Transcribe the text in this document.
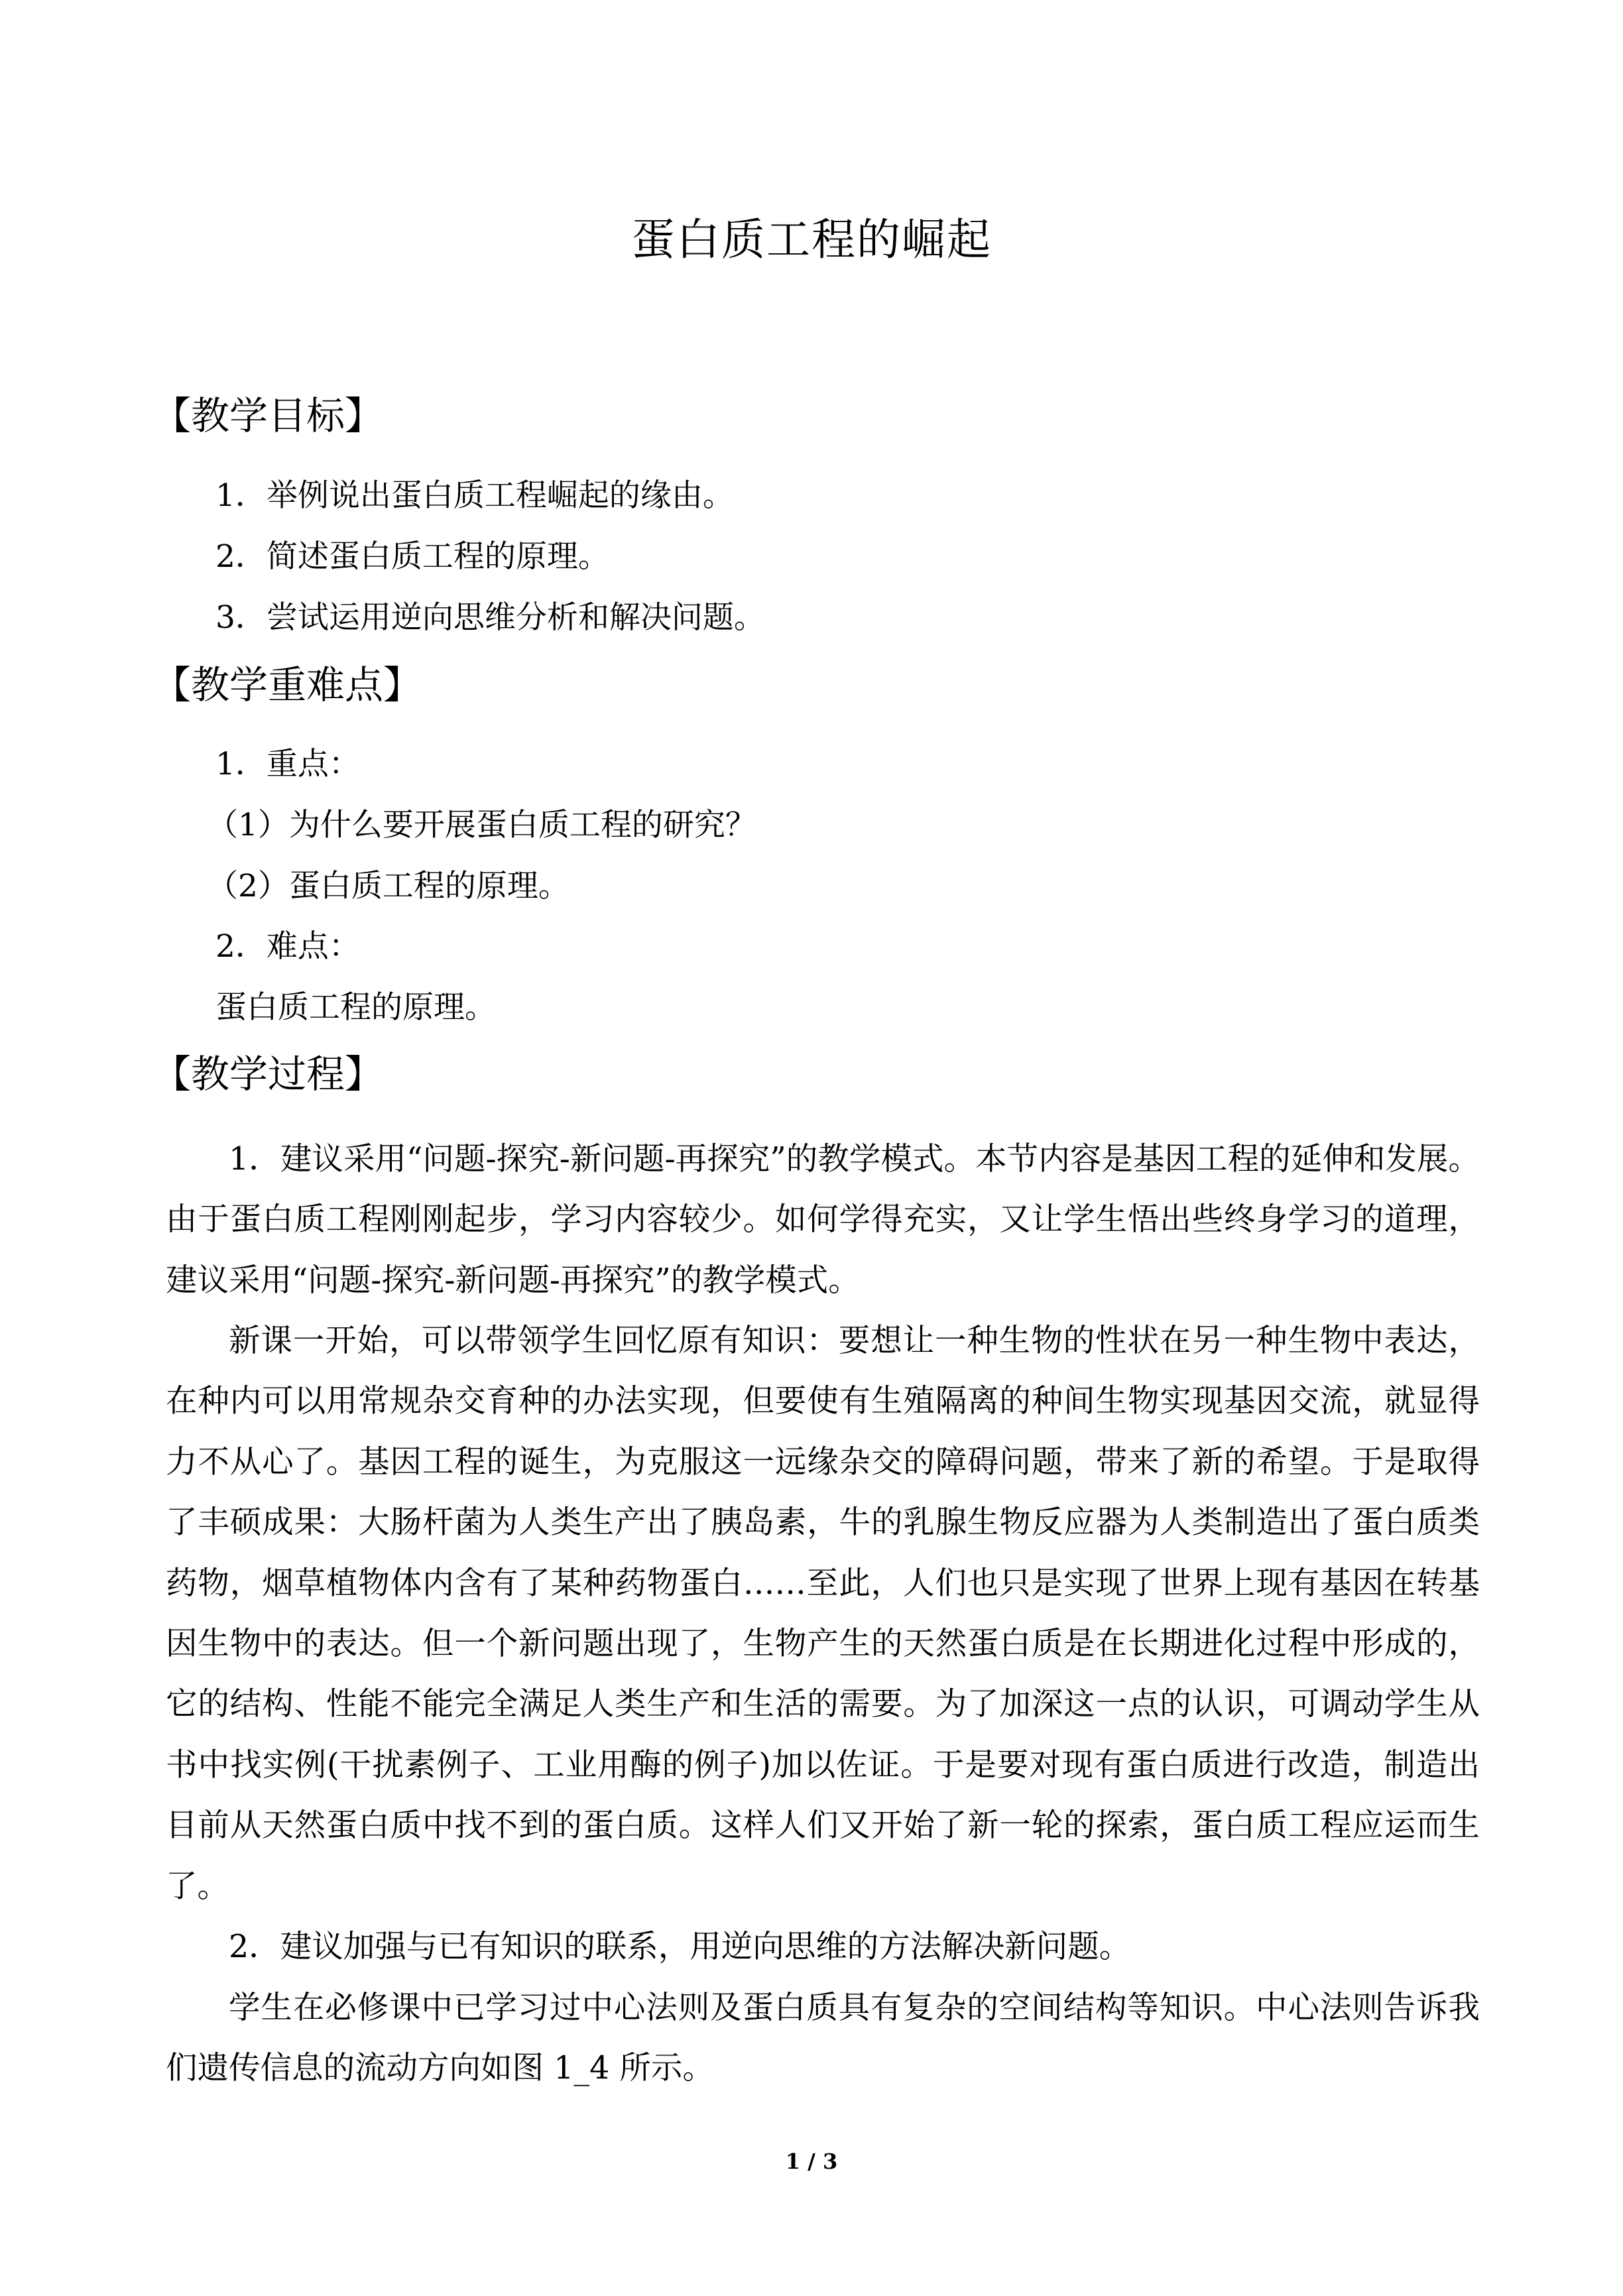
蛋白质工程的崛起
【教学目标】
1．举例说出蛋白质工程崛起的缘由。
2．简述蛋白质工程的原理。
3．尝试运用逆向思维分析和解决问题。
【教学重难点】
1．重点：
（1）为什么要开展蛋白质工程的研究？
（2）蛋白质工程的原理。
2．难点：
蛋白质工程的原理。
【教学过程】

1．建议采用“问题-探究-新问题-再探究”的教学模式。本节内容是基因工程的延伸和发展。由于蛋白质工程刚刚起步，学习内容较少。如何学得充实，又让学生悟出些终身学习的道理，建议采用“问题-探究-新问题-再探究”的教学模式。

新课一开始，可以带领学生回忆原有知识：要想让一种生物的性状在另一种生物中表达，在种内可以用常规杂交育种的办法实现，但要使有生殖隔离的种间生物实现基因交流，就显得力不从心了。基因工程的诞生，为克服这一远缘杂交的障碍问题，带来了新的希望。于是取得了丰硕成果：大肠杆菌为人类生产出了胰岛素，牛的乳腺生物反应器为人类制造出了蛋白质类药物，烟草植物体内含有了某种药物蛋白……至此，人们也只是实现了世界上现有基因在转基因生物中的表达。但一个新问题出现了，生物产生的天然蛋白质是在长期进化过程中形成的，它的结构、性能不能完全满足人类生产和生活的需要。为了加深这一点的认识，可调动学生从书中找实例(干扰素例子、工业用酶的例子)加以佐证。于是要对现有蛋白质进行改造，制造出目前从天然蛋白质中找不到的蛋白质。这样人们又开始了新一轮的探索，蛋白质工程应运而生了。

2．建议加强与已有知识的联系，用逆向思维的方法解决新问题。

学生在必修课中已学习过中心法则及蛋白质具有复杂的空间结构等知识。中心法则告诉我们遗传信息的流动方向如图 1_4 所示。

1 / 3
